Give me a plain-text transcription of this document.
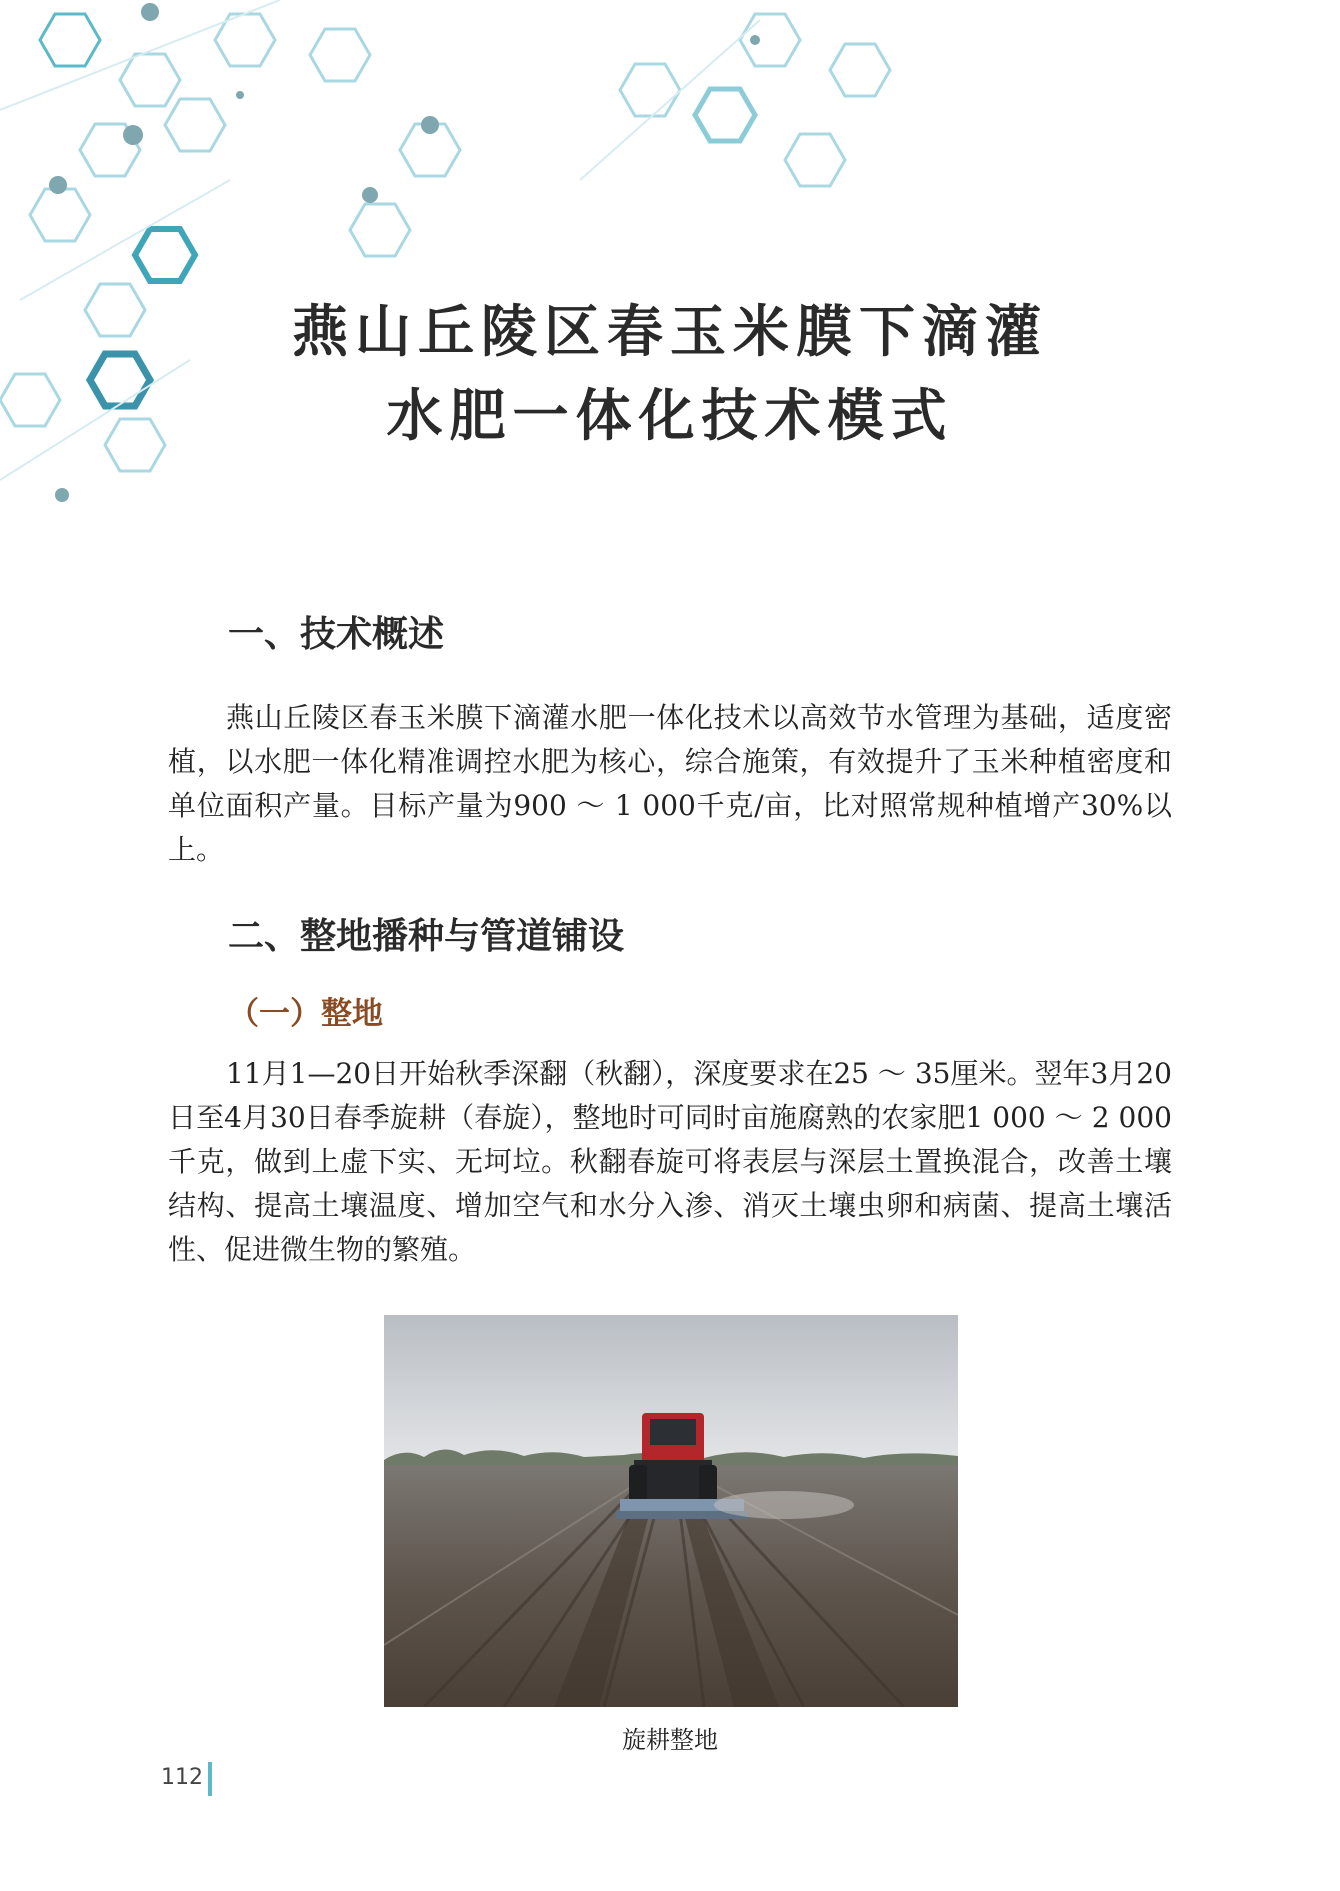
燕山丘陵区春玉米膜下滴灌
水肥一体化技术模式
一、技术概述

燕山丘陵区春玉米膜下滴灌水肥一体化技术以高效节水管理为基础，适度密植，以水肥一体化精准调控水肥为核心，综合施策，有效提升了玉米种植密度和单位面积产量。目标产量为900 ～ 1 000千克/亩，比对照常规种植增产30%以上。

二、整地播种与管道铺设
（一）整地

11月1—20日开始秋季深翻（秋翻），深度要求在25 ～ 35厘米。翌年3月20日至4月30日春季旋耕（春旋），整地时可同时亩施腐熟的农家肥1 000 ～ 2 000千克，做到上虚下实、无坷垃。秋翻春旋可将表层与深层土置换混合，改善土壤结构、提高土壤温度、增加空气和水分入渗、消灭土壤虫卵和病菌、提高土壤活性、促进微生物的繁殖。

旋耕整地

112
